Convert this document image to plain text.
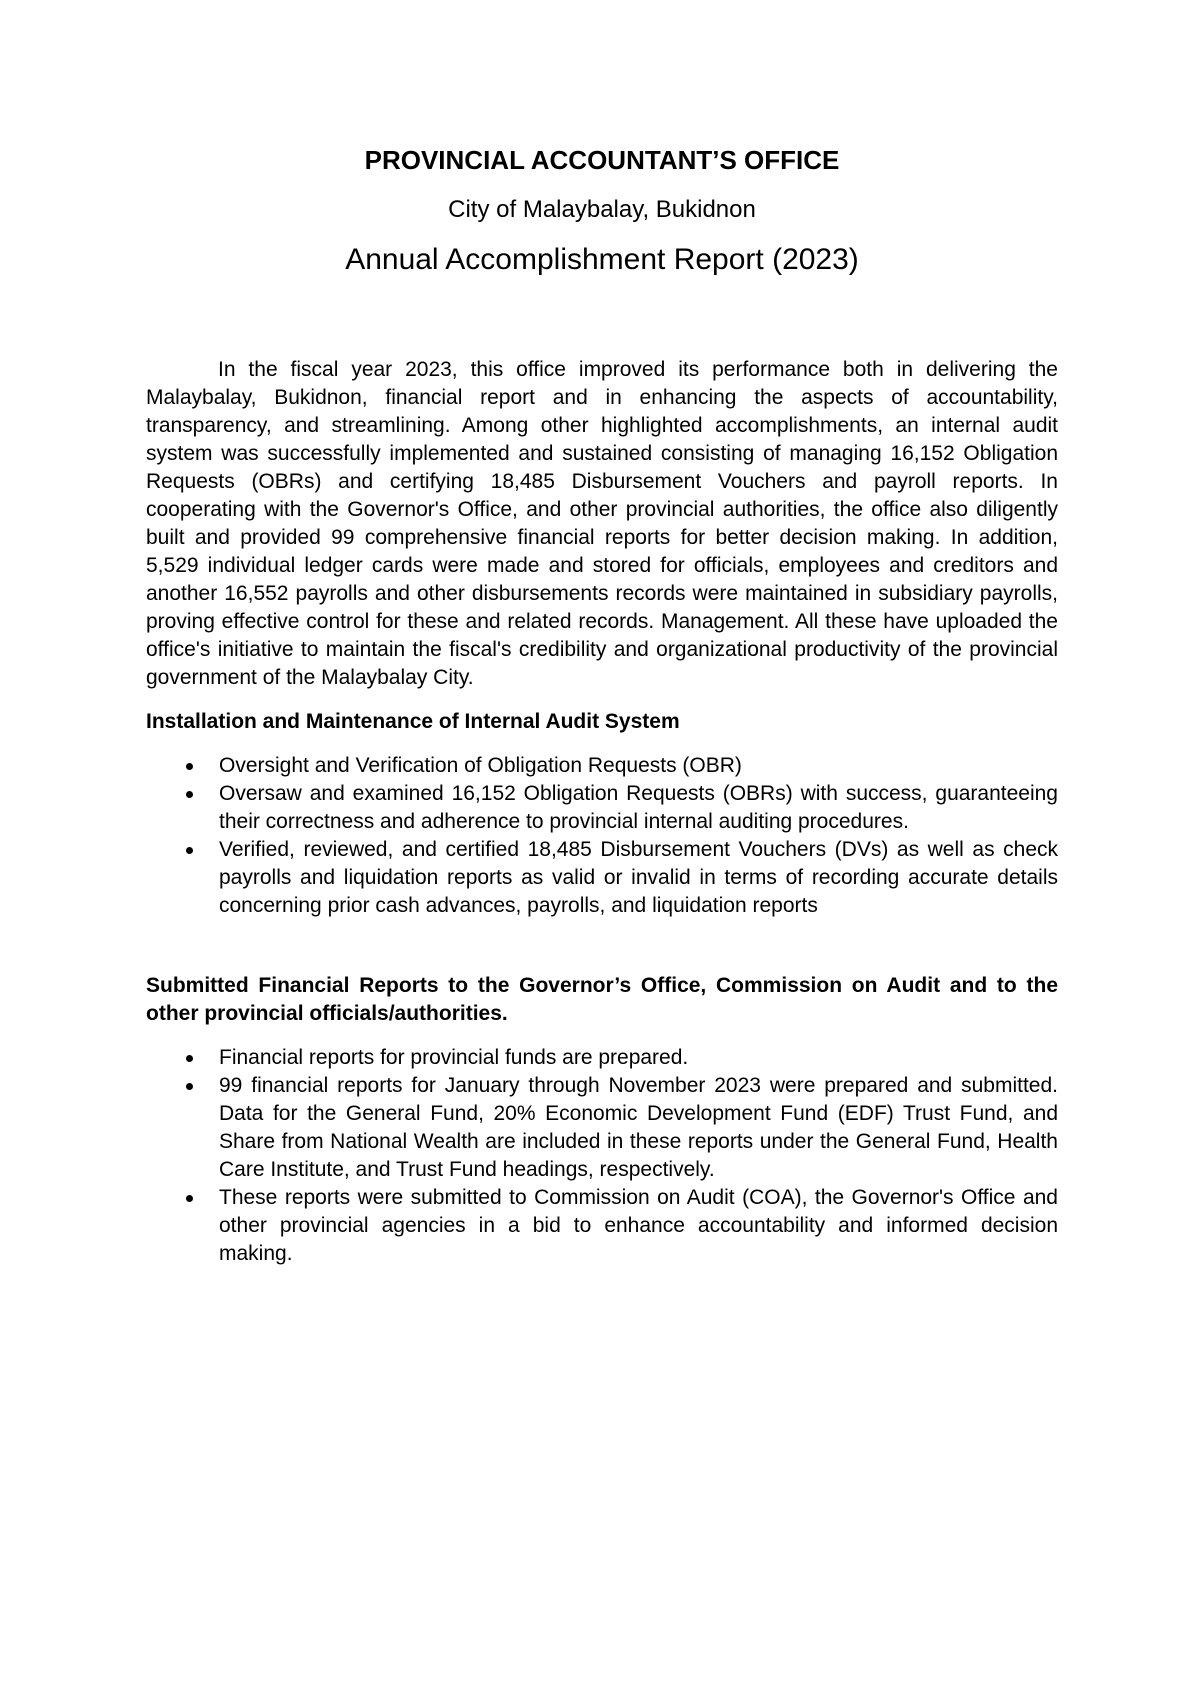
PROVINCIAL ACCOUNTANT’S OFFICE
City of Malaybalay, Bukidnon
Annual Accomplishment Report (2023)

In the fiscal year 2023, this office improved its performance both in delivering the Malaybalay, Bukidnon, financial report and in enhancing the aspects of accountability, transparency, and streamlining. Among other highlighted accomplishments, an internal audit system was successfully implemented and sustained consisting of managing 16,152 Obligation Requests (OBRs) and certifying 18,485 Disbursement Vouchers and payroll reports. In cooperating with the Governor's Office, and other provincial authorities, the office also diligently built and provided 99 comprehensive financial reports for better decision making. In addition, 5,529 individual ledger cards were made and stored for officials, employees and creditors and another 16,552 payrolls and other disbursements records were maintained in subsidiary payrolls, proving effective control for these and related records. Management. All these have uploaded the office's initiative to maintain the fiscal's credibility and organizational productivity of the provincial government of the Malaybalay City.

Installation and Maintenance of Internal Audit System
Oversight and Verification of Obligation Requests (OBR)
Oversaw and examined 16,152 Obligation Requests (OBRs) with success, guaranteeing their correctness and adherence to provincial internal auditing procedures.
Verified, reviewed, and certified 18,485 Disbursement Vouchers (DVs) as well as check payrolls and liquidation reports as valid or invalid in terms of recording accurate details concerning prior cash advances, payrolls, and liquidation reports
Submitted Financial Reports to the Governor’s Office, Commission on Audit and to the other provincial officials/authorities.
Financial reports for provincial funds are prepared.
99 financial reports for January through November 2023 were prepared and submitted. Data for the General Fund, 20% Economic Development Fund (EDF) Trust Fund, and Share from National Wealth are included in these reports under the General Fund, Health Care Institute, and Trust Fund headings, respectively.
These reports were submitted to Commission on Audit (COA), the Governor's Office and other provincial agencies in a bid to enhance accountability and informed decision making.
